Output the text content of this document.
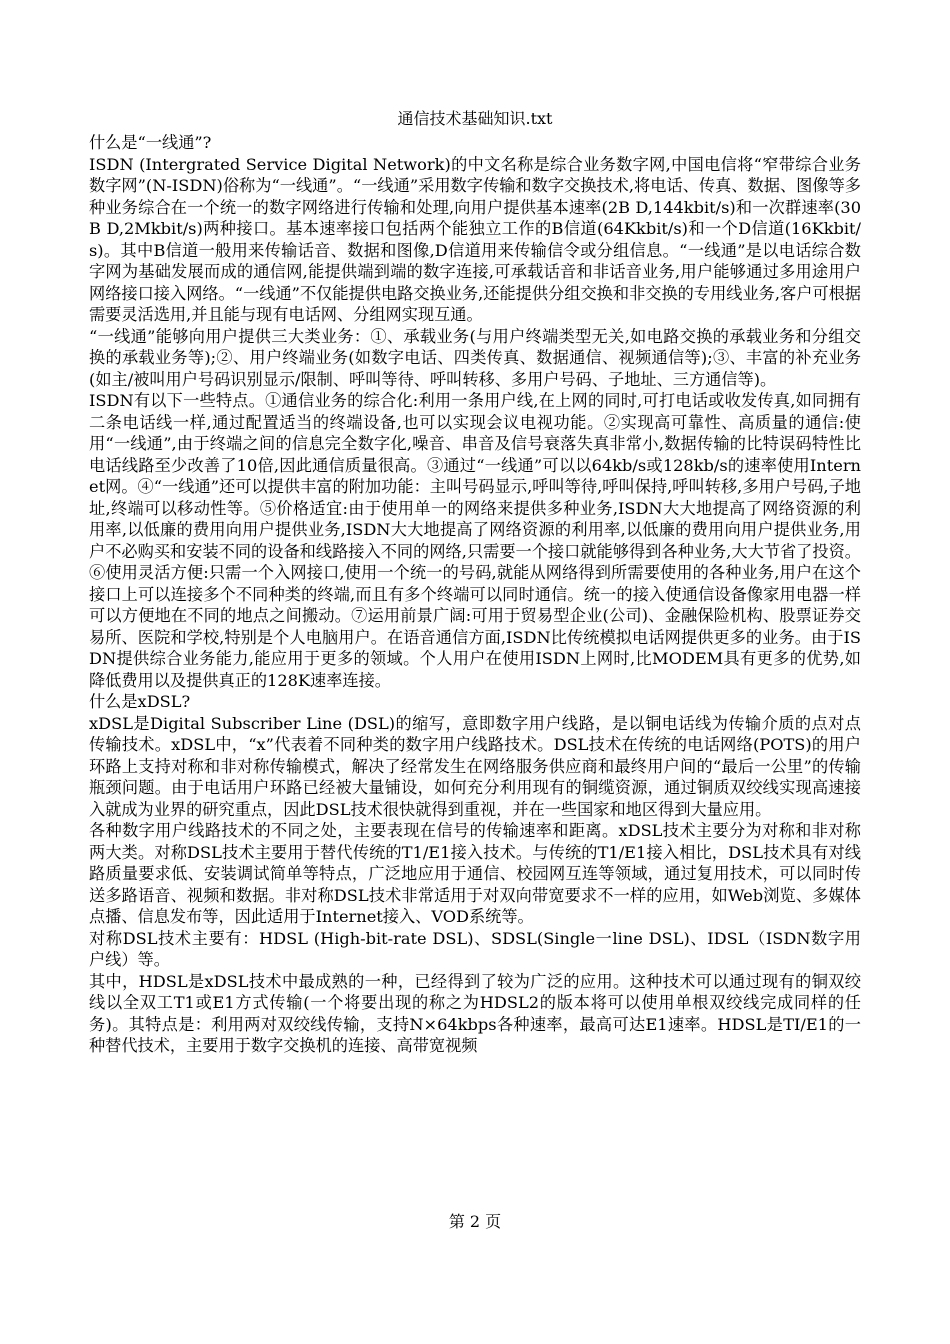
通信技术基础知识.txt

什么是“一线通”?

ISDN (Intergrated Service Digital Network)的中文名称是综合业务数字网,中国电信将“窄带综合业务数字网”(N-ISDN)俗称为“一线通”。“一线通”采用数字传输和数字交换技术,将电话、传真、数据、图像等多种业务综合在一个统一的数字网络进行传输和处理,向用户提供基本速率(2B D,144kbit/s)和一次群速率(30B D,2Mkbit/s)两种接口。基本速率接口包括两个能独立工作的B信道(64Kkbit/s)和一个D信道(16Kkbit/s)。其中B信道一般用来传输话音、数据和图像,D信道用来传输信令或分组信息。“一线通”是以电话综合数字网为基础发展而成的通信网,能提供端到端的数字连接,可承载话音和非话音业务,用户能够通过多用途用户网络接口接入网络。“一线通”不仅能提供电路交换业务,还能提供分组交换和非交换的专用线业务,客户可根据需要灵活选用,并且能与现有电话网、分组网实现互通。

“一线通”能够向用户提供三大类业务：①、承载业务(与用户终端类型无关,如电路交换的承载业务和分组交换的承载业务等);②、用户终端业务(如数字电话、四类传真、数据通信、视频通信等);③、丰富的补充业务(如主/被叫用户号码识别显示/限制、呼叫等待、呼叫转移、多用户号码、子地址、三方通信等)。

ISDN有以下一些特点。①通信业务的综合化:利用一条用户线,在上网的同时,可打电话或收发传真,如同拥有二条电话线一样,通过配置适当的终端设备,也可以实现会议电视功能。②实现高可靠性、高质量的通信:使用“一线通”,由于终端之间的信息完全数字化,噪音、串音及信号衰落失真非常小,数据传输的比特误码特性比电话线路至少改善了10倍,因此通信质量很高。③通过“一线通”可以以64kb/s或128kb/s的速率使用Internet网。④“一线通”还可以提供丰富的附加功能：主叫号码显示,呼叫等待,呼叫保持,呼叫转移,多用户号码,子地址,终端可以移动性等。⑤价格适宜:由于使用单一的网络来提供多种业务,ISDN大大地提高了网络资源的利用率,以低廉的费用向用户提供业务,ISDN大大地提高了网络资源的利用率,以低廉的费用向用户提供业务,用户不必购买和安装不同的设备和线路接入不同的网络,只需要一个接口就能够得到各种业务,大大节省了投资。⑥使用灵活方便:只需一个入网接口,使用一个统一的号码,就能从网络得到所需要使用的各种业务,用户在这个接口上可以连接多个不同种类的终端,而且有多个终端可以同时通信。统一的接入使通信设备像家用电器一样可以方便地在不同的地点之间搬动。⑦运用前景广阔:可用于贸易型企业(公司)、金融保险机构、股票证券交易所、医院和学校,特别是个人电脑用户。在语音通信方面,ISDN比传统模拟电话网提供更多的业务。由于ISDN提供综合业务能力,能应用于更多的领域。个人用户在使用ISDN上网时,比MODEM具有更多的优势,如降低费用以及提供真正的128K速率连接。

什么是xDSL?

xDSL是Digital Subscriber Line (DSL)的缩写，意即数字用户线路，是以铜电话线为传输介质的点对点传输技术。xDSL中，“x”代表着不同种类的数字用户线路技术。DSL技术在传统的电话网络(POTS)的用户环路上支持对称和非对称传输模式，解决了经常发生在网络服务供应商和最终用户间的“最后一公里”的传输瓶颈问题。由于电话用户环路已经被大量铺设，如何充分利用现有的铜缆资源，通过铜质双绞线实现高速接入就成为业界的研究重点，因此DSL技术很快就得到重视，并在一些国家和地区得到大量应用。

各种数字用户线路技术的不同之处，主要表现在信号的传输速率和距离。xDSL技术主要分为对称和非对称两大类。对称DSL技术主要用于替代传统的T1/E1接入技术。与传统的T1/E1接入相比，DSL技术具有对线路质量要求低、安装调试简单等特点，广泛地应用于通信、校园网互连等领域，通过复用技术，可以同时传送多路语音、视频和数据。非对称DSL技术非常适用于对双向带宽要求不一样的应用，如Web浏览、多媒体点播、信息发布等，因此适用于Internet接入、VOD系统等。

对称DSL技术主要有：HDSL (High-bit-rate DSL)、SDSL(Single一line DSL)、IDSL（ISDN数字用户线）等。

其中，HDSL是xDSL技术中最成熟的一种，已经得到了较为广泛的应用。这种技术可以通过现有的铜双绞线以全双工T1或E1方式传输(一个将要出现的称之为HDSL2的版本将可以使用单根双绞线完成同样的任务)。其特点是：利用两对双绞线传输，支持N×64kbps各种速率，最高可达E1速率。HDSL是TI/E1的一种替代技术，主要用于数字交换机的连接、高带宽视频

第 2 页
